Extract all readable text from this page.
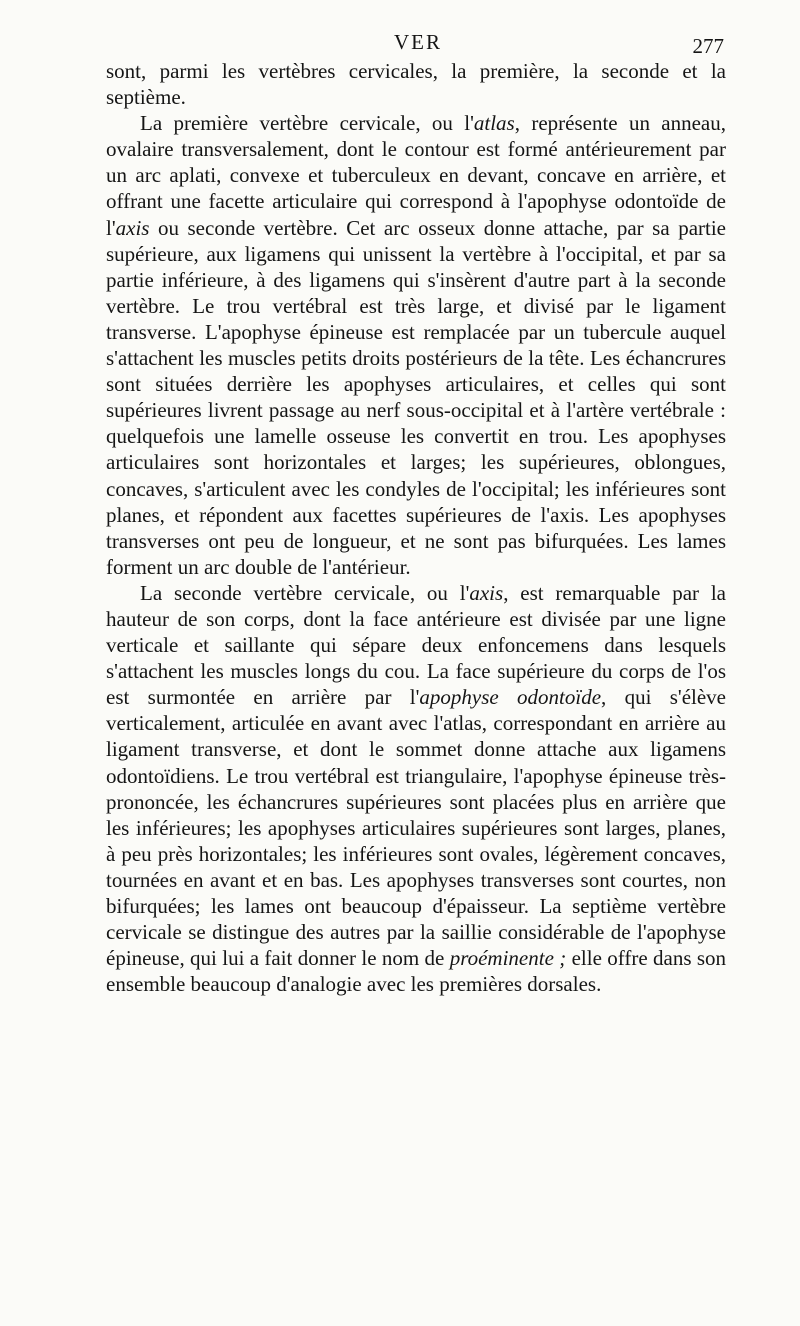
VER	277

sont, parmi les vertèbres cervicales, la première, la seconde et la septième.

La première vertèbre cervicale, ou l'atlas, représente un anneau, ovalaire transversalement, dont le contour est formé antérieurement par un arc aplati, convexe et tuberculeux en devant, concave en arrière, et offrant une facette articulaire qui correspond à l'apophyse odontoïde de l'axis ou seconde vertèbre. Cet arc osseux donne attache, par sa partie supérieure, aux ligamens qui unissent la vertèbre à l'occipital, et par sa partie inférieure, à des ligamens qui s'insèrent d'autre part à la seconde vertèbre. Le trou vertébral est très large, et divisé par le ligament transverse. L'apophyse épineuse est remplacée par un tubercule auquel s'attachent les muscles petits droits postérieurs de la tête. Les échancrures sont situées derrière les apophyses articulaires, et celles qui sont supérieures livrent passage au nerf sous-occipital et à l'artère vertébrale : quelquefois une lamelle osseuse les convertit en trou. Les apophyses articulaires sont horizontales et larges; les supérieures, oblongues, concaves, s'articulent avec les condyles de l'occipital; les inférieures sont planes, et répondent aux facettes supérieures de l'axis. Les apophyses transverses ont peu de longueur, et ne sont pas bifurquées. Les lames forment un arc double de l'antérieur.

La seconde vertèbre cervicale, ou l'axis, est remarquable par la hauteur de son corps, dont la face antérieure est divisée par une ligne verticale et saillante qui sépare deux enfoncemens dans lesquels s'attachent les muscles longs du cou. La face supérieure du corps de l'os est surmontée en arrière par l'apophyse odontoïde, qui s'élève verticalement, articulée en avant avec l'atlas, correspondant en arrière au ligament transverse, et dont le sommet donne attache aux ligamens odontoïdiens. Le trou vertébral est triangulaire, l'apophyse épineuse très-prononcée, les échancrures supérieures sont placées plus en arrière que les inférieures; les apophyses articulaires supérieures sont larges, planes, à peu près horizontales; les inférieures sont ovales, légèrement concaves, tournées en avant et en bas. Les apophyses transverses sont courtes, non bifurquées; les lames ont beaucoup d'épaisseur. La septième vertèbre cervicale se distingue des autres par la saillie considérable de l'apophyse épineuse, qui lui a fait donner le nom de proéminente ; elle offre dans son ensemble beaucoup d'analogie avec les premières dorsales.
